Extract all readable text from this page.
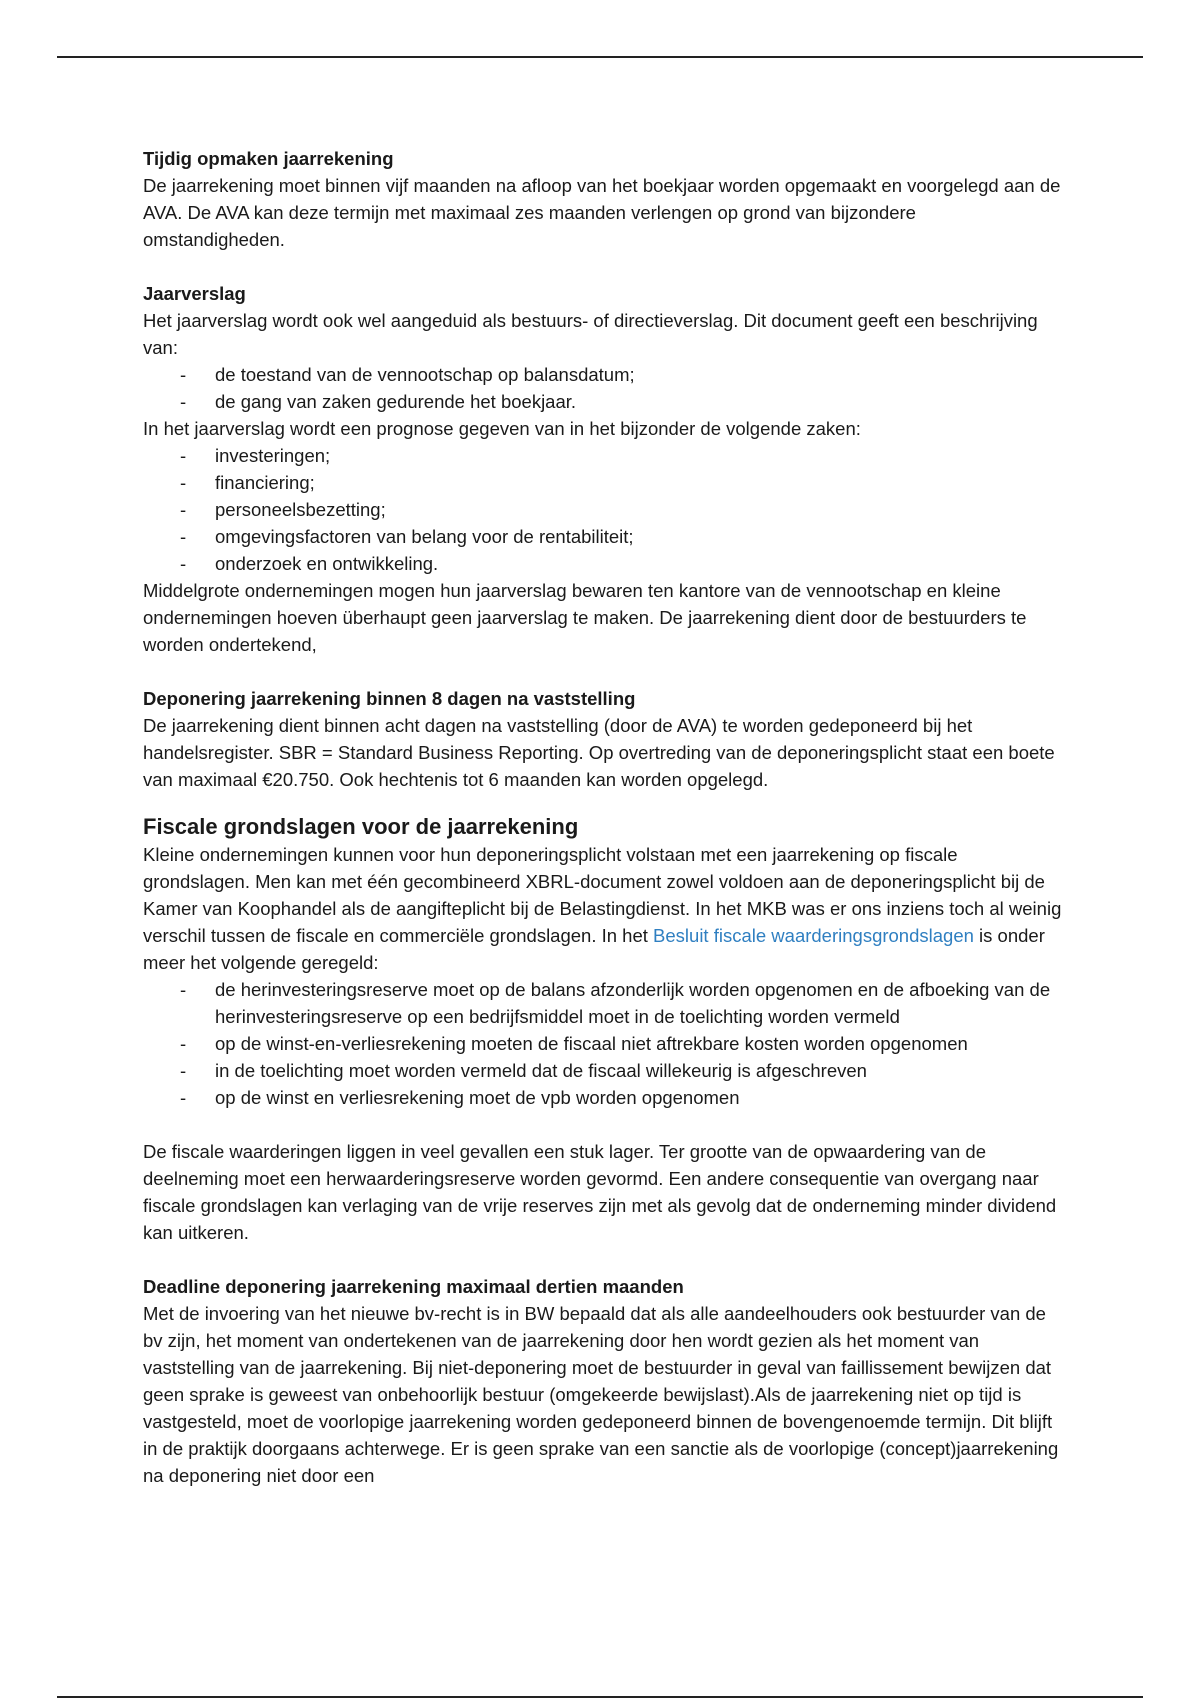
Tijdig opmaken jaarrekening

De jaarrekening moet binnen vijf maanden na afloop van het boekjaar worden opgemaakt en voorgelegd aan de AVA. De AVA kan deze termijn met maximaal zes maanden verlengen op grond van bijzondere omstandigheden.

Jaarverslag

Het jaarverslag wordt ook wel aangeduid als bestuurs- of directieverslag. Dit document geeft een beschrijving van:

- de toestand van de vennootschap op balansdatum;
- de gang van zaken gedurende het boekjaar.

In het jaarverslag wordt een prognose gegeven van in het bijzonder de volgende zaken:

- investeringen;
- financiering;
- personeelsbezetting;
- omgevingsfactoren van belang voor de rentabiliteit;
- onderzoek en ontwikkeling.

Middelgrote ondernemingen mogen hun jaarverslag bewaren ten kantore van de vennootschap en kleine ondernemingen hoeven überhaupt geen jaarverslag te maken. De jaarrekening dient door de bestuurders te worden ondertekend,

Deponering jaarrekening binnen 8 dagen na vaststelling

De jaarrekening dient binnen acht dagen na vaststelling (door de AVA) te worden gedeponeerd bij het handelsregister. SBR = Standard Business Reporting. Op overtreding van de deponeringsplicht staat een boete van maximaal €20.750. Ook hechtenis tot 6 maanden kan worden opgelegd.

Fiscale grondslagen voor de jaarrekening

Kleine ondernemingen kunnen voor hun deponeringsplicht volstaan met een jaarrekening op fiscale grondslagen. Men kan met één gecombineerd XBRL-document zowel voldoen aan de deponeringsplicht bij de Kamer van Koophandel als de aangifteplicht bij de Belastingdienst. In het MKB was er ons inziens toch al weinig verschil tussen de fiscale en commerciële grondslagen. In het Besluit fiscale waarderingsgrondslagen is onder meer het volgende geregeld:

- de herinvesteringsreserve moet op de balans afzonderlijk worden opgenomen en de afboeking van de herinvesteringsreserve op een bedrijfsmiddel moet in de toelichting worden vermeld
- op de winst-en-verliesrekening moeten de fiscaal niet aftrekbare kosten worden opgenomen
- in de toelichting moet worden vermeld dat de fiscaal willekeurig is afgeschreven
- op de winst en verliesrekening moet de vpb worden opgenomen

De fiscale waarderingen liggen in veel gevallen een stuk lager. Ter grootte van de opwaardering van de deelneming moet een herwaarderingsreserve worden gevormd. Een andere consequentie van overgang naar fiscale grondslagen kan verlaging van de vrije reserves zijn met als gevolg dat de onderneming minder dividend kan uitkeren.

Deadline deponering jaarrekening maximaal dertien maanden

Met de invoering van het nieuwe bv-recht is in BW bepaald dat als alle aandeelhouders ook bestuurder van de bv zijn, het moment van ondertekenen van de jaarrekening door hen wordt gezien als het moment van vaststelling van de jaarrekening. Bij niet-deponering moet de bestuurder in geval van faillissement bewijzen dat geen sprake is geweest van onbehoorlijk bestuur (omgekeerde bewijslast).Als de jaarrekening niet op tijd is vastgesteld, moet de voorlopige jaarrekening worden gedeponeerd binnen de bovengenoemde termijn. Dit blijft in de praktijk doorgaans achterwege. Er is geen sprake van een sanctie als de voorlopige (concept)jaarrekening na deponering niet door een
